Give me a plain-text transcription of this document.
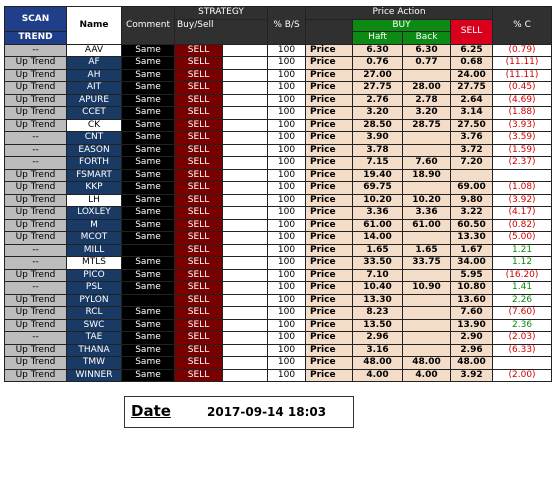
SCAN	Name	Comment	STRATEGY		% B/S	Price Action				% C
			Buy/Sell				BUY		SELL	
TREND							Haft	Back		
--	AAV	Same	SELL		100	Price	6.30	6.30	6.25	(0.79)
Up Trend	AF	Same	SELL		100	Price	0.76	0.77	0.68	(11.11)
Up Trend	AH	Same	SELL		100	Price	27.00		24.00	(11.11)
Up Trend	AIT	Same	SELL		100	Price	27.75	28.00	27.75	(0.45)
Up Trend	APURE	Same	SELL		100	Price	2.76	2.78	2.64	(4.69)
Up Trend	CCET	Same	SELL		100	Price	3.20	3.20	3.14	(1.88)
Up Trend	CK	Same	SELL		100	Price	28.50	28.75	27.50	(3.93)
--	CNT	Same	SELL		100	Price	3.90		3.76	(3.59)
--	EASON	Same	SELL		100	Price	3.78		3.72	(1.59)
--	FORTH	Same	SELL		100	Price	7.15	7.60	7.20	(2.37)
Up Trend	FSMART	Same	SELL		100	Price	19.40	18.90		
Up Trend	KKP	Same	SELL		100	Price	69.75		69.00	(1.08)
Up Trend	LH	Same	SELL		100	Price	10.20	10.20	9.80	(3.92)
Up Trend	LOXLEY	Same	SELL		100	Price	3.36	3.36	3.22	(4.17)
Up Trend	M	Same	SELL		100	Price	61.00	61.00	60.50	(0.82)
Up Trend	MCOT	Same	SELL		100	Price	14.00		13.30	(5.00)
--	MILL		SELL		100	Price	1.65	1.65	1.67	1.21
--	MTLS	Same	SELL		100	Price	33.50	33.75	34.00	1.12
Up Trend	PICO	Same	SELL		100	Price	7.10		5.95	(16.20)
--	PSL	Same	SELL		100	Price	10.40	10.90	10.80	1.41
Up Trend	PYLON		SELL		100	Price	13.30		13.60	2.26
Up Trend	RCL	Same	SELL		100	Price	8.23		7.60	(7.60)
Up Trend	SWC	Same	SELL		100	Price	13.50		13.90	2.36
--	TAE	Same	SELL		100	Price	2.96		2.90	(2.03)
Up Trend	THANA	Same	SELL		100	Price	3.16		2.96	(6.33)
Up Trend	TMW	Same	SELL		100	Price	48.00	48.00	48.00	
Up Trend	WINNER	Same	SELL		100	Price	4.00	4.00	3.92	(2.00)
Date	2017-09-14 18:03
